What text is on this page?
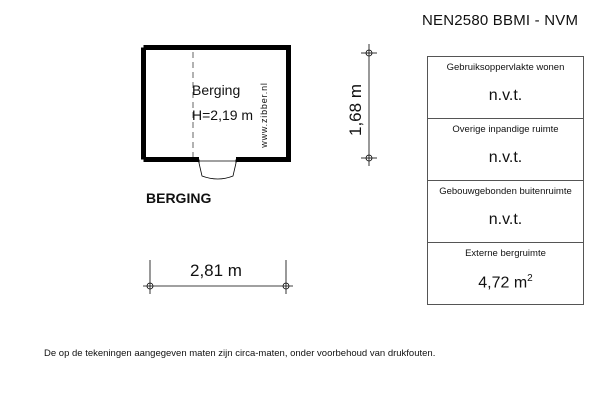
NEN2580 BBMI - NVM
Berging
H=2,19 m www.zibber.nl
BERGING
1,68 m
2,81 m
Gebruiksoppervlakte wonen
n.v.t.
Overige inpandige ruimte
n.v.t.
Gebouwgebonden buitenruimte
n.v.t.
Externe bergruimte
4,72 $m^2$
De op de tekeningen aangegeven maten zijn circa-maten, onder voorbehoud van drukfouten.
